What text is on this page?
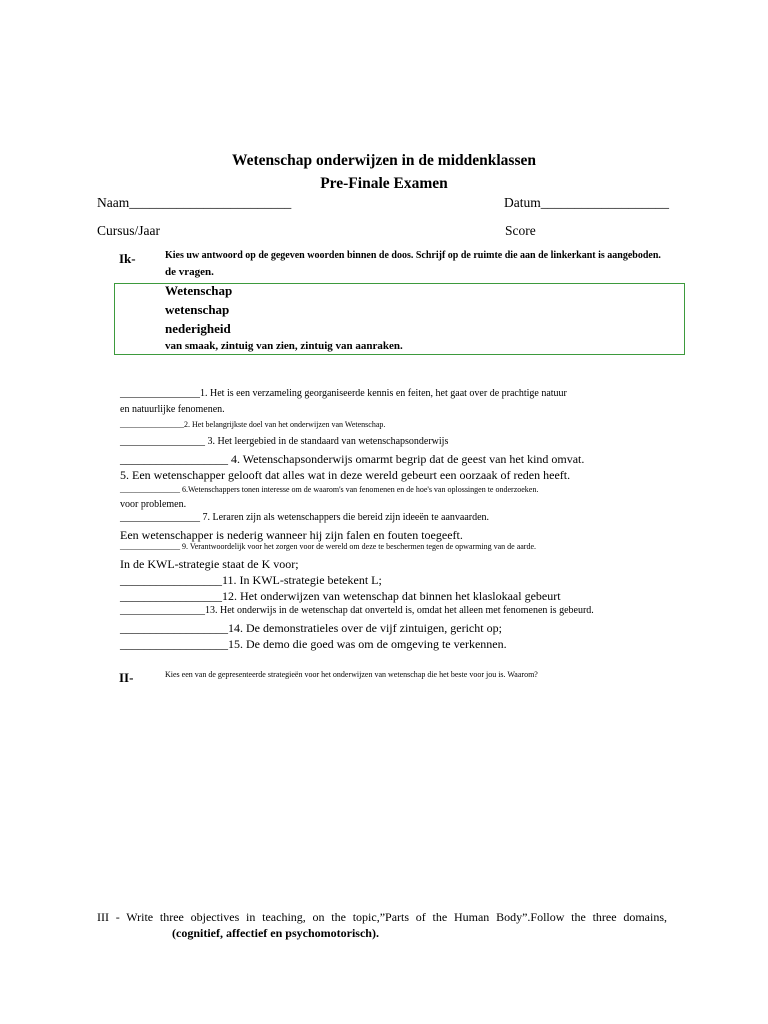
Wetenschap onderwijzen in de middenklassen
Pre-Finale Examen
Naam________________________	Datum___________________
Cursus/Jaar	Score
Ik-	Kies uw antwoord op de gegeven woorden binnen de doos. Schrijf op de ruimte die aan de linkerkant is aangeboden.
de vragen.
Wetenschap
wetenschap
nederigheid
van smaak, zintuig van zien, zintuig van aanraken.
________________1. Het is een verzameling georganiseerde kennis en feiten, het gaat over de prachtige natuur
en natuurlijke fenomenen.
________________2. Het belangrijkste doel van het onderwijzen van Wetenschap.
_________________ 3. Het leergebied in de standaard van wetenschapsonderwijs
__________________ 4. Wetenschapsonderwijs omarmt begrip dat de geest van het kind omvat.
5. Een wetenschapper gelooft dat alles wat in deze wereld gebeurt een oorzaak of reden heeft.
_______________ 6.Wetenschappers tonen interesse om de waarom's van fenomenen en de hoe's van oplossingen te onderzoeken.
voor problemen.
________________ 7. Leraren zijn als wetenschappers die bereid zijn ideeën te aanvaarden.
Een wetenschapper is nederig wanneer hij zijn falen en fouten toegeeft.
_______________ 9. Verantwoordelijk voor het zorgen voor de wereld om deze te beschermen tegen de opwarming van de aarde.
In de KWL-strategie staat de K voor;
_________________11. In KWL-strategie betekent L;
_________________12. Het onderwijzen van wetenschap dat binnen het klaslokaal gebeurt
_________________13. Het onderwijs in de wetenschap dat onverteld is, omdat het alleen met fenomenen is gebeurd.
__________________14. De demonstratieles over de vijf zintuigen, gericht op;
__________________15. De demo die goed was om de omgeving te verkennen.
II-	Kies een van de gepresenteerde strategieën voor het onderwijzen van wetenschap die het beste voor jou is. Waarom?
III - Write three objectives in teaching, on the topic,”Parts of the Human Body”.Follow the three domains,
(cognitief, affectief en psychomotorisch).
